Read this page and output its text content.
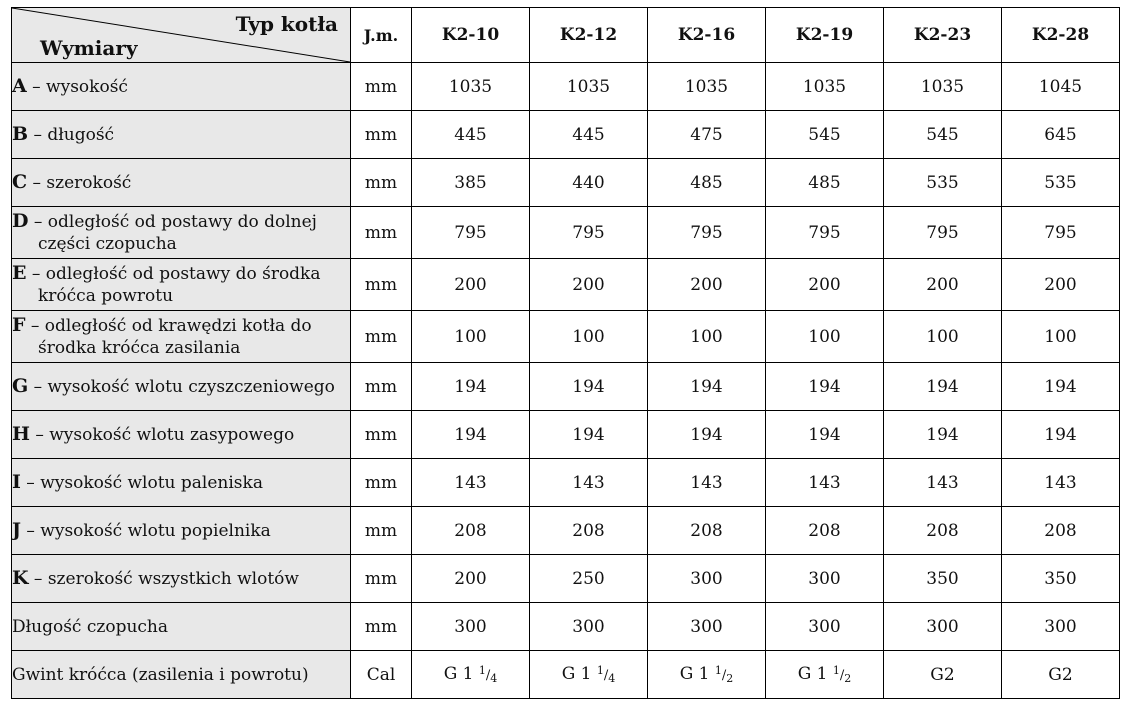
Typ kotła
Wymiary	J.m.	K2-10	K2-12	K2-16	K2-19	K2-23	K2-28
A – wysokość	mm	1035	1035	1035	1035	1035	1045
B – długość	mm	445	445	475	545	545	645
C – szerokość	mm	385	440	485	485	535	535
D – odległość od postawy do dolnej
części czopucha	mm	795	795	795	795	795	795
E – odległość od postawy do środka
króćca powrotu	mm	200	200	200	200	200	200
F – odległość od krawędzi kotła do
środka króćca zasilania	mm	100	100	100	100	100	100
G – wysokość wlotu czyszczeniowego	mm	194	194	194	194	194	194
H – wysokość wlotu zasypowego	mm	194	194	194	194	194	194
I – wysokość wlotu paleniska	mm	143	143	143	143	143	143
J – wysokość wlotu popielnika	mm	208	208	208	208	208	208
K – szerokość wszystkich wlotów	mm	200	250	300	300	350	350
Długość czopucha	mm	300	300	300	300	300	300
Gwint króćca (zasilenia i powrotu)	Cal	G 1 $^1/_4$	G 1 $^1/_4$	G 1 $^1/_2$	G 1 $^1/_2$	G2	G2
